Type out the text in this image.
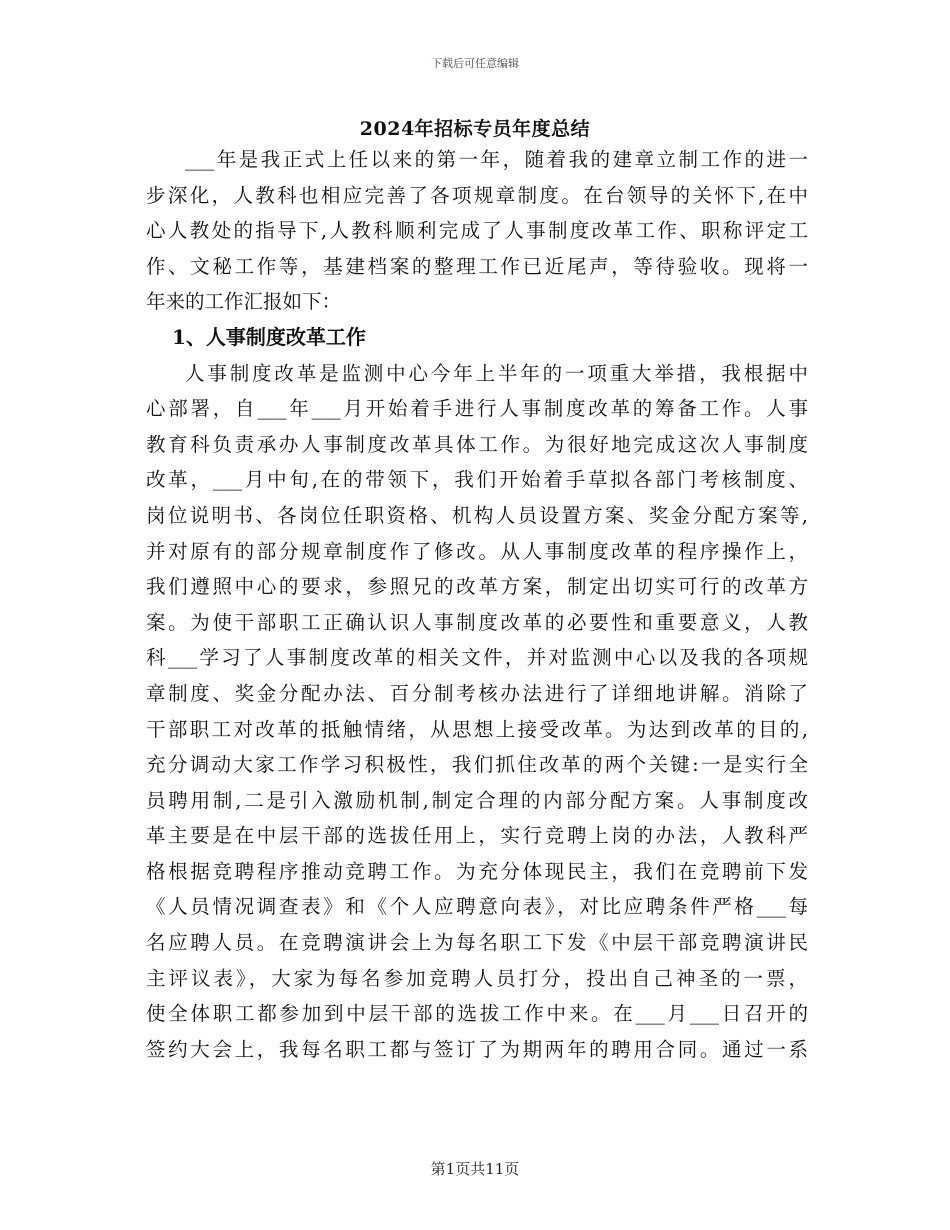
下载后可任意编辑
2024年招标专员年度总结
___年是我正式上任以来的第一年，随着我的建章立制工作的进一
步深化，人教科也相应完善了各项规章制度。在台领导的关怀下,在中
心人教处的指导下,人教科顺利完成了人事制度改革工作、职称评定工
作、文秘工作等，基建档案的整理工作已近尾声，等待验收。现将一
年来的工作汇报如下：
1、人事制度改革工作
人事制度改革是监测中心今年上半年的一项重大举措，我根据中
心部署，自___年___月开始着手进行人事制度改革的筹备工作。人事
教育科负责承办人事制度改革具体工作。为很好地完成这次人事制度
改革，___月中旬,在的带领下，我们开始着手草拟各部门考核制度、
岗位说明书、各岗位任职资格、机构人员设置方案、奖金分配方案等,
并对原有的部分规章制度作了修改。从人事制度改革的程序操作上，
我们遵照中心的要求，参照兄的改革方案，制定出切实可行的改革方
案。为使干部职工正确认识人事制度改革的必要性和重要意义，人教
科___学习了人事制度改革的相关文件，并对监测中心以及我的各项规
章制度、奖金分配办法、百分制考核办法进行了详细地讲解。消除了
干部职工对改革的抵触情绪，从思想上接受改革。为达到改革的目的,
充分调动大家工作学习积极性，我们抓住改革的两个关键:一是实行全
员聘用制,二是引入激励机制,制定合理的内部分配方案。人事制度改
革主要是在中层干部的选拔任用上，实行竞聘上岗的办法，人教科严
格根据竞聘程序推动竞聘工作。为充分体现民主，我们在竞聘前下发
《人员情况调查表》和《个人应聘意向表》，对比应聘条件严格___每
名应聘人员。在竞聘演讲会上为每名职工下发《中层干部竞聘演讲民
主评议表》，大家为每名参加竞聘人员打分，投出自己神圣的一票，
使全体职工都参加到中层干部的选拔工作中来。在___月___日召开的
签约大会上，我每名职工都与签订了为期两年的聘用合同。通过一系
第1页共11页
